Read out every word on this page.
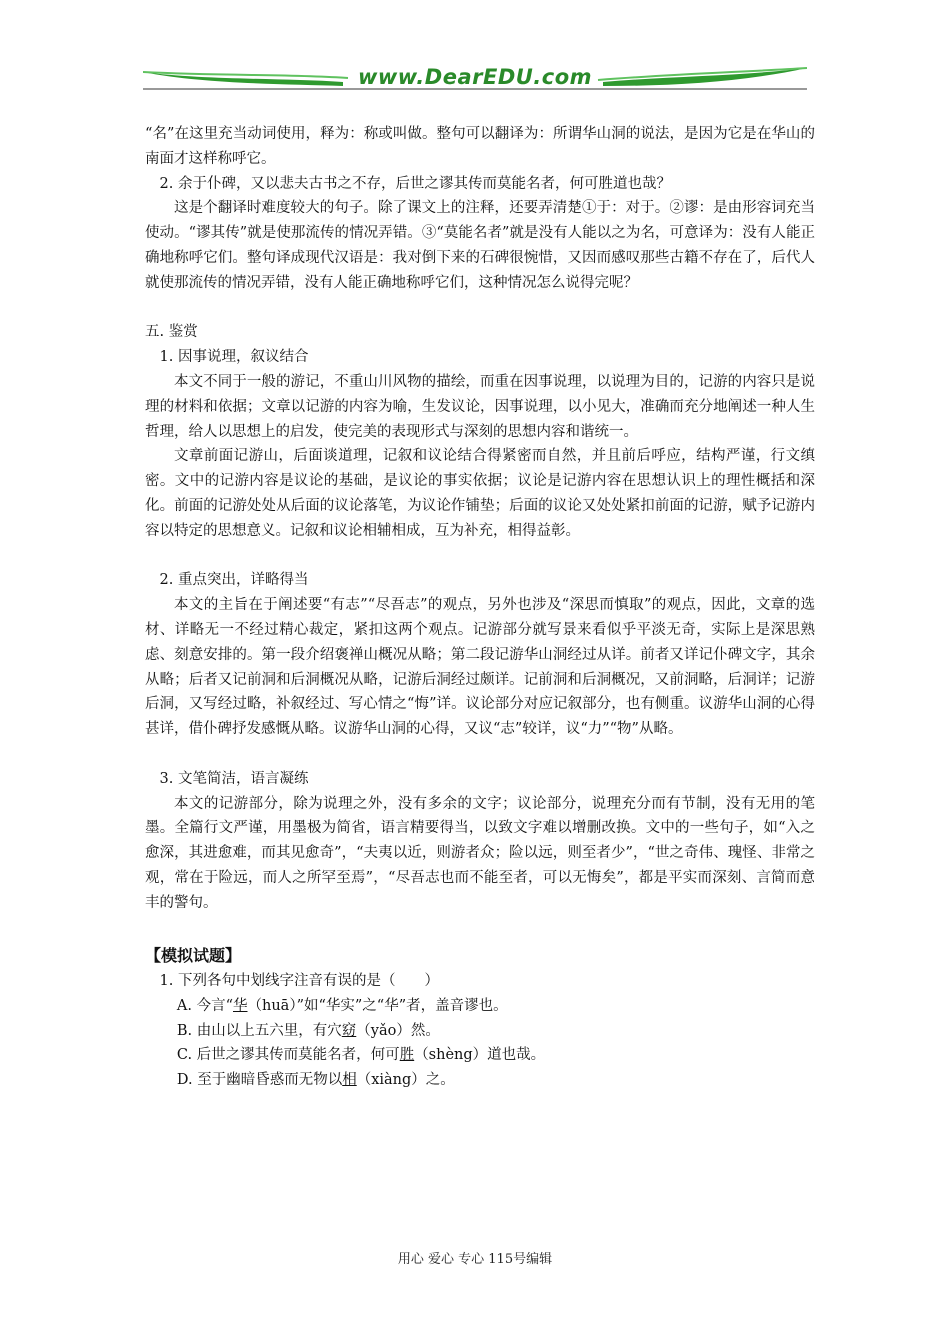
www.DearEDU.com

“名”在这里充当动词使用，释为：称或叫做。整句可以翻译为：所谓华山洞的说法，是因为它是在华山的南面才这样称呼它。

2. 余于仆碑，又以悲夫古书之不存，后世之谬其传而莫能名者，何可胜道也哉？

这是个翻译时难度较大的句子。除了课文上的注释，还要弄清楚①于：对于。②谬：是由形容词充当使动。“谬其传”就是使那流传的情况弄错。③“莫能名者”就是没有人能以之为名，可意译为：没有人能正确地称呼它们。整句译成现代汉语是：我对倒下来的石碑很惋惜，又因而感叹那些古籍不存在了，后代人就使那流传的情况弄错，没有人能正确地称呼它们，这种情况怎么说得完呢？

五. 鉴赏

1. 因事说理，叙议结合

本文不同于一般的游记，不重山川风物的描绘，而重在因事说理，以说理为目的，记游的内容只是说理的材料和依据；文章以记游的内容为喻，生发议论，因事说理，以小见大，准确而充分地阐述一种人生哲理，给人以思想上的启发，使完美的表现形式与深刻的思想内容和谐统一。

文章前面记游山，后面谈道理，记叙和议论结合得紧密而自然，并且前后呼应，结构严谨，行文缜密。文中的记游内容是议论的基础，是议论的事实依据；议论是记游内容在思想认识上的理性概括和深化。前面的记游处处从后面的议论落笔，为议论作铺垫；后面的议论又处处紧扣前面的记游，赋予记游内容以特定的思想意义。记叙和议论相辅相成，互为补充，相得益彰。

2. 重点突出，详略得当

本文的主旨在于阐述要“有志”“尽吾志”的观点，另外也涉及“深思而慎取”的观点，因此，文章的选材、详略无一不经过精心裁定，紧扣这两个观点。记游部分就写景来看似乎平淡无奇，实际上是深思熟虑、刻意安排的。第一段介绍褒禅山概况从略；第二段记游华山洞经过从详。前者又详记仆碑文字，其余从略；后者又记前洞和后洞概况从略，记游后洞经过颇详。记前洞和后洞概况，又前洞略，后洞详；记游后洞，又写经过略，补叙经过、写心情之“悔”详。议论部分对应记叙部分，也有侧重。议游华山洞的心得甚详，借仆碑抒发感慨从略。议游华山洞的心得，又议“志”较详，议“力”“物”从略。

3. 文笔简洁，语言凝练

本文的记游部分，除为说理之外，没有多余的文字；议论部分，说理充分而有节制，没有无用的笔墨。全篇行文严谨，用墨极为简省，语言精要得当，以致文字难以增删改换。文中的一些句子，如“入之愈深，其进愈难，而其见愈奇”，“夫夷以近，则游者众；险以远，则至者少”，“世之奇伟、瑰怪、非常之观，常在于险远，而人之所罕至焉”，“尽吾志也而不能至者，可以无悔矣”，都是平实而深刻、言简而意丰的警句。

【模拟试题】

1. 下列各句中划线字注音有误的是（　　）

A. 今言“华（huā）”如“华实”之“华”者，盖音谬也。

B. 由山以上五六里，有穴窈（yǎo）然。

C. 后世之谬其传而莫能名者，何可胜（shèng）道也哉。

D. 至于幽暗昏惑而无物以相（xiàng）之。

用心 爱心 专心 115号编辑
